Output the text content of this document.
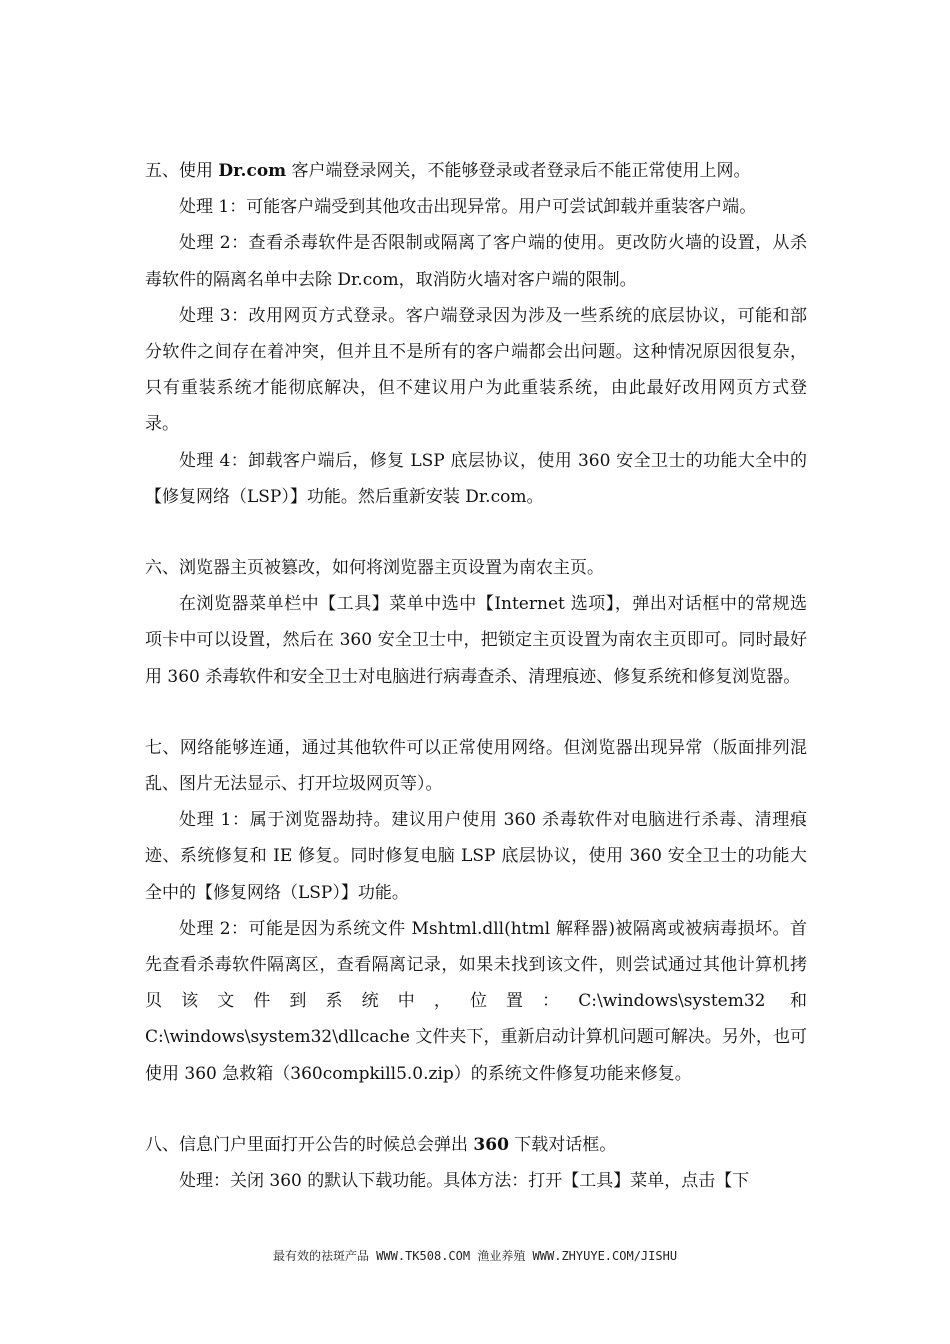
五、使用 Dr.com 客户端登录网关，不能够登录或者登录后不能正常使用上网。

处理 1：可能客户端受到其他攻击出现异常。用户可尝试卸载并重装客户端。

处理 2：查看杀毒软件是否限制或隔离了客户端的使用。更改防火墙的设置，从杀毒软件的隔离名单中去除 Dr.com，取消防火墙对客户端的限制。

处理 3：改用网页方式登录。客户端登录因为涉及一些系统的底层协议，可能和部分软件之间存在着冲突，但并且不是所有的客户端都会出问题。这种情况原因很复杂，只有重装系统才能彻底解决，但不建议用户为此重装系统，由此最好改用网页方式登录。

处理 4：卸载客户端后，修复 LSP 底层协议，使用 360 安全卫士的功能大全中的【修复网络（LSP）】功能。然后重新安装 Dr.com。

六、浏览器主页被篡改，如何将浏览器主页设置为南农主页。

在浏览器菜单栏中【工具】菜单中选中【Internet 选项】，弹出对话框中的常规选项卡中可以设置，然后在 360 安全卫士中，把锁定主页设置为南农主页即可。同时最好用 360 杀毒软件和安全卫士对电脑进行病毒查杀、清理痕迹、修复系统和修复浏览器。

七、网络能够连通，通过其他软件可以正常使用网络。但浏览器出现异常（版面排列混乱、图片无法显示、打开垃圾网页等）。

处理 1：属于浏览器劫持。建议用户使用 360 杀毒软件对电脑进行杀毒、清理痕迹、系统修复和 IE 修复。同时修复电脑 LSP 底层协议，使用 360 安全卫士的功能大全中的【修复网络（LSP）】功能。

处理 2：可能是因为系统文件 Mshtml.dll(html 解释器)被隔离或被病毒损坏。首先查看杀毒软件隔离区，查看隔离记录，如果未找到该文件，则尝试通过其他计算机拷贝该文件到系统中，位置：C:\windows\system32 和 C:\windows\system32\dllcache 文件夹下，重新启动计算机问题可解决。另外，也可使用 360 急救箱（360compkill5.0.zip）的系统文件修复功能来修复。

八、信息门户里面打开公告的时候总会弹出 360 下载对话框。

处理：关闭 360 的默认下载功能。具体方法：打开【工具】菜单，点击【下

最有效的祛斑产品 WWW.TK508.COM 渔业养殖 WWW.ZHYUYE.COM/JISHU
